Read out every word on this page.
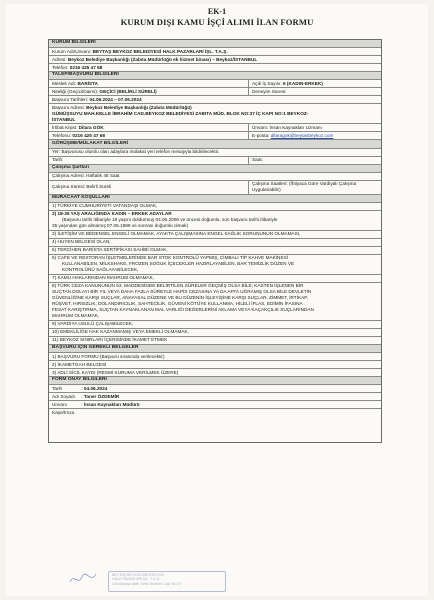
EK-1
KURUM DIŞI KAMU İŞÇİ ALIMI İLAN FORMU
KURUM BİLGİLERİ
Kurum Adı/Unvanı: BEYTAŞ BEYKOZ BELEDİYESİ HALK PAZARLARI İŞL. T.A.Ş.
Adresi: Beykoz Belediye Başkanlığı (Zabıta Müdürlüğü ek hizmet binası) – Beykoz/İSTANBUL
Telefon: 0216 425 47 68
TALEP/BAŞVURU BİLGİLERİ
Meslek Adı: BARİSTA	Açık İş Sayısı: 6 (KADIN-ERKEK)
Niteliği (Geçici/Daimi): GEÇİCİ (BELİRLİ SÜRELİ)	Deneyim Süresi:
Başvuru Tarihleri: 04.06.2024 – 07.06.2024
Başvuru Adresi: Beykoz Belediye Başkanlığı (Zabıta Müdürlüğü)
GÜMÜŞSUYU MAH.KELLE İBRAHİM CAD.BEYKOZ BELEDİYESİ ZABITA MÜD. BLOK NO:37 İÇ KAPI NO:1 BEYKOZ-
İSTANBUL
İrtibat Kişisi: Dilara GÖK	Ünvanı: İnsan Kaynakları Uzmanı
Telefonu: 0216 425 47 68	E-posta: dilaragok@beytasbeykoz.com
GÖRÜŞME/MÜLAKAT BİLGİLERİ
Yer: Başvurusu olumlu olan adaylara mülakat yeri telefon mesajıyla bildirilecektir.
Tarih:	Saat:
Çalışma Şartları
Çalışma Adresi: Haftalık 45 Saat
Çalışma Süresi: Belirli Süreli
Çalışma Saatleri: (İhtiyaca Göre Vardiyalı Çalışma
Uygulanabilir)
MÜRACAAT KOŞULLARI
1) TÜRKİYE CUMHURİYETİ VATANDAŞI OLMAK,
2) 18-35 YAŞ ARALIĞINDA KADIN – ERKEK ADAYLAR
(Başvuru tarihi itibariyle 18 yaşını doldurmuş 04.06.2006 ve öncesi doğumlu, son başvuru tarihi itibariyle
35 yaşından gün almamış 07.06.1989 ve sonrası doğumlu olmak)
3) İLETİŞİM VE BEDENSEL ENGELİ OLMAMAK, AYAKTA ÇALIŞMASINA ENGEL SAĞLIK SORUNUNUN OLMAMASI,
4) HUYEN BELGESİ OLAN,
5) TERCİHEN BARİSTA SERTİFİKASI SAHİBİ OLMAK,
6) CAFE VE RESTORAN İŞLETMELERİNDE BAR STOK KONTROLÜ YAPMIŞ, CİMBALI TİP KAHVE MAKİNESİ
KULLANABİLEN, MİLKSHAKE, FROZEN SOĞUK İÇECEKLER HAZIRLAYABİLEN, BAR TEMİZLİK DÜZEN VE
KONTROLÜNÜ SAĞLAYABİLECEK,
7) KAMU HAKLARINDAN MAHRUM OLMAMAK,
8) TÜRK CEZA KANUNUNUN 53. MADDESİNDE BELİRTİLEN SÜRELER GEÇMİŞ OLSA BİLE; KASTEN İŞLENEN BİR
SUÇTAN DOLAYI BİR YIL VEYA DAHA FAZLA SÜREYLE HAPİS CEZASINA YA DA AFFA UĞRAMIŞ OLSA BİLE DEVLETİN
GÜVENLİĞİNE KARŞI SUÇLAR, ANAYASAL DÜZENE VE BU DÜZENİN İŞLEYİŞİNE KARŞI SUÇLAR, ZİMMET, İRTİKAP,
RÜŞVET, HIRSIZLIK, DOLANDIRICILIK, SAHTECİLİK, GÜVENİ KÖTÜYE KULLANMA, HİLELİ İFLAS, EDİMİN İFASINA
FESAT KARIŞTIRMA, SUÇTAN KAYNAKLANAN MAL VARLIĞI DEĞERLERİNİ AKLAMA VEYA KAÇAKÇILIK SUÇLARINDAN
MAHRUM OLMAMAK,
9) VARDİYA USULÜ ÇALIŞABİLECEK,
10) EMEKLİLİĞE HAK KAZANMAMIŞ VEYA EMEKLİ OLMAMAK,
11) BEYKOZ SINIRLARI İÇERİSİNDE İKAMET ETMEK
BAŞVURU İÇİN GEREKLİ BELGELER
1) BAŞVURU FORMU (Başvuru sırasında verilecektir)
2) İKAMETGAH BELGESİ
3) ADLİ SİCİL KAYDI (RESMİ KURUMA VERİLMEK ÜZERE)
FORM ONAY BİLGİLERİ
Tarih	: 04.06.2024
Adı Soyadı : Taner ÖZDEMİR
Unvanı	: İnsan Kaynakları Müdürü
Kaşe/İmza
BEYTAŞ BEYKOZ BELEDİYESİ
HALK PAZARLARI İŞL. T.A.Ş.
Gümüşsuyu Mah. Kelle İbrahim Cad. No:37
